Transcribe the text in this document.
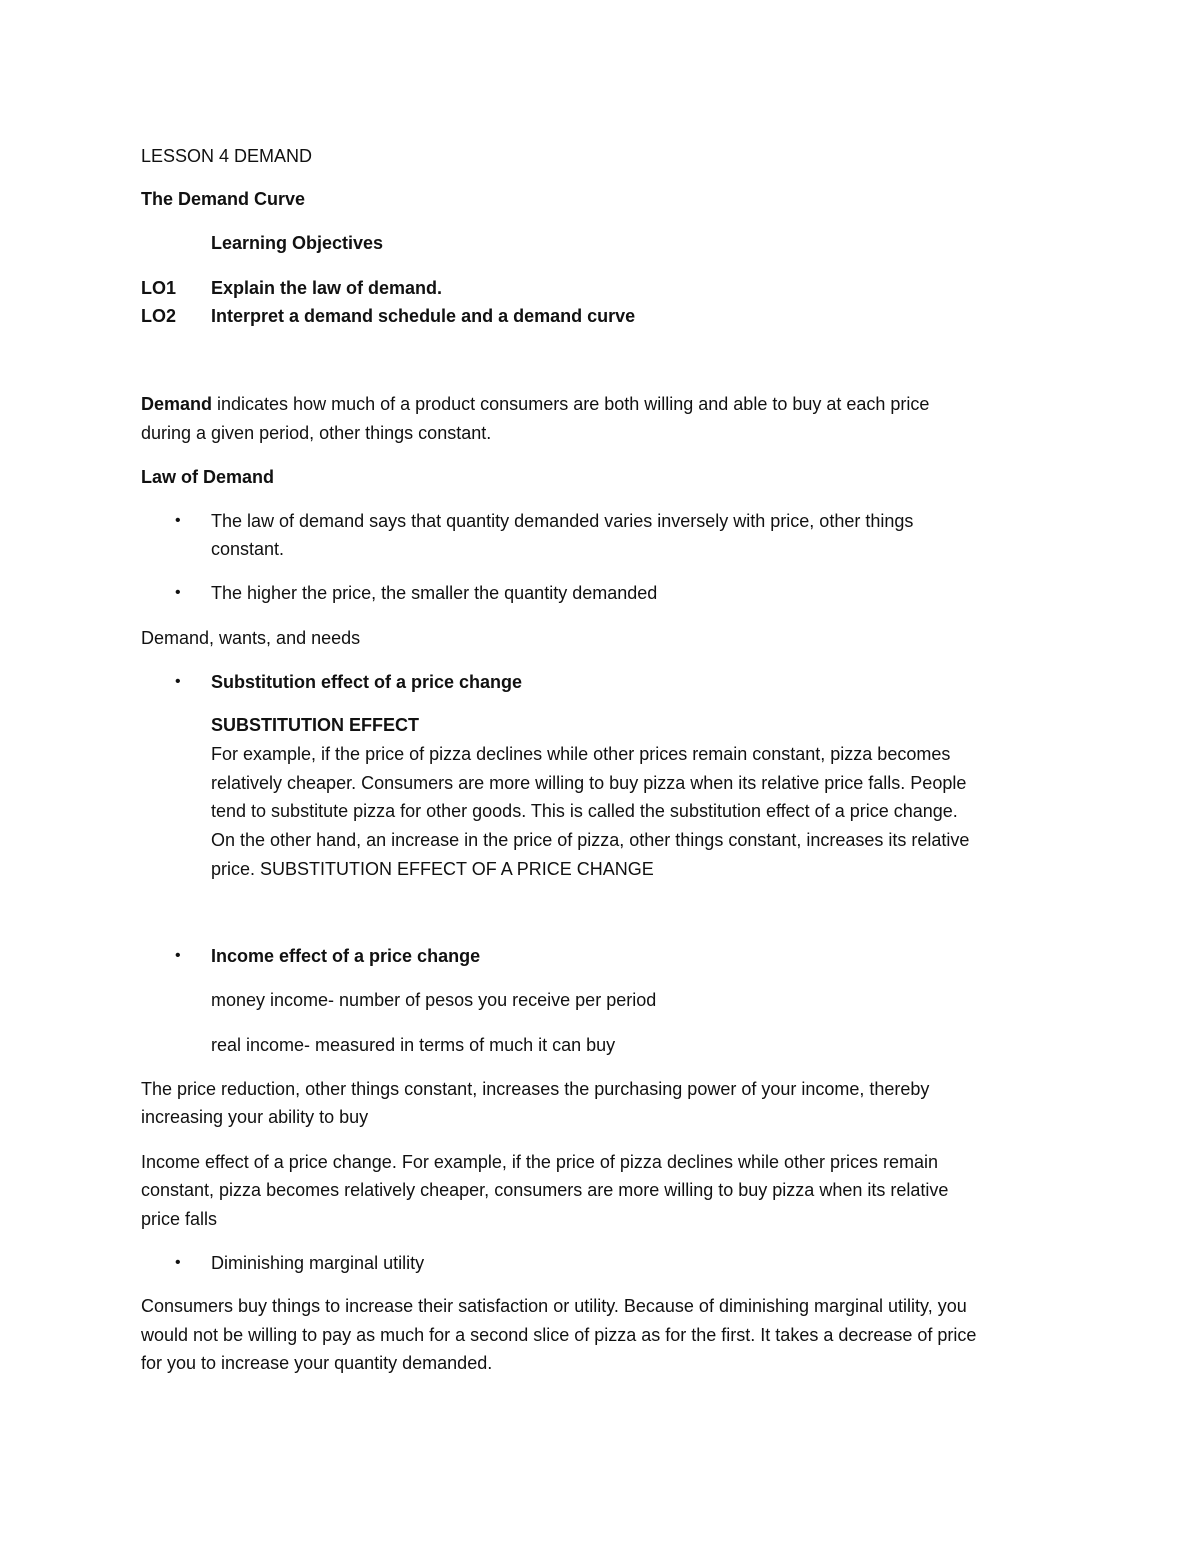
LESSON 4 DEMAND
The Demand Curve
Learning Objectives
LO1 Explain the law of demand.
LO2 Interpret a demand schedule and a demand curve
Demand indicates how much of a product consumers are both willing and able to buy at each price
during a given period, other things constant.
Law of Demand
• The law of demand says that quantity demanded varies inversely with price, other things
constant.
• The higher the price, the smaller the quantity demanded
Demand, wants, and needs
• Substitution effect of a price change
SUBSTITUTION EFFECT
For example, if the price of pizza declines while other prices remain constant, pizza becomes
relatively cheaper. Consumers are more willing to buy pizza when its relative price falls. People
tend to substitute pizza for other goods. This is called the substitution effect of a price change.
On the other hand, an increase in the price of pizza, other things constant, increases its relative
price. SUBSTITUTION EFFECT OF A PRICE CHANGE
• Income effect of a price change
money income- number of pesos you receive per period
real income- measured in terms of much it can buy
The price reduction, other things constant, increases the purchasing power of your income, thereby
increasing your ability to buy
Income effect of a price change. For example, if the price of pizza declines while other prices remain
constant, pizza becomes relatively cheaper, consumers are more willing to buy pizza when its relative
price falls
• Diminishing marginal utility
Consumers buy things to increase their satisfaction or utility. Because of diminishing marginal utility, you
would not be willing to pay as much for a second slice of pizza as for the first. It takes a decrease of price
for you to increase your quantity demanded.
